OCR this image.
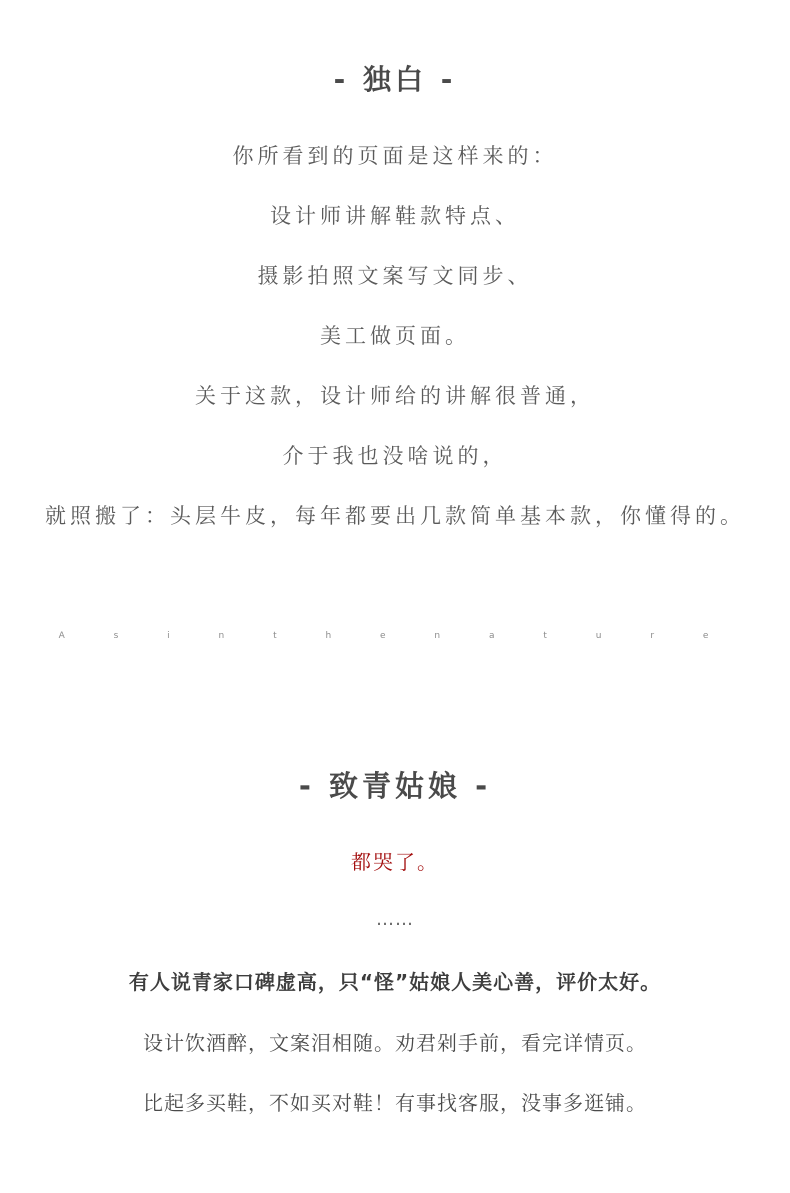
- 独白 -
你所看到的页面是这样来的：
设计师讲解鞋款特点、
摄影拍照文案写文同步、
美工做页面。
关于这款，设计师给的讲解很普通，
介于我也没啥说的，
就照搬了：头层牛皮，每年都要出几款简单基本款，你懂得的。
A s i n t h e n a t u r e
- 致青姑娘 -
都哭了。
……
有人说青家口碑虚高，只“怪”姑娘人美心善，评价太好。
设计饮酒醉，文案泪相随。劝君剁手前，看完详情页。
比起多买鞋，不如买对鞋！有事找客服，没事多逛铺。
